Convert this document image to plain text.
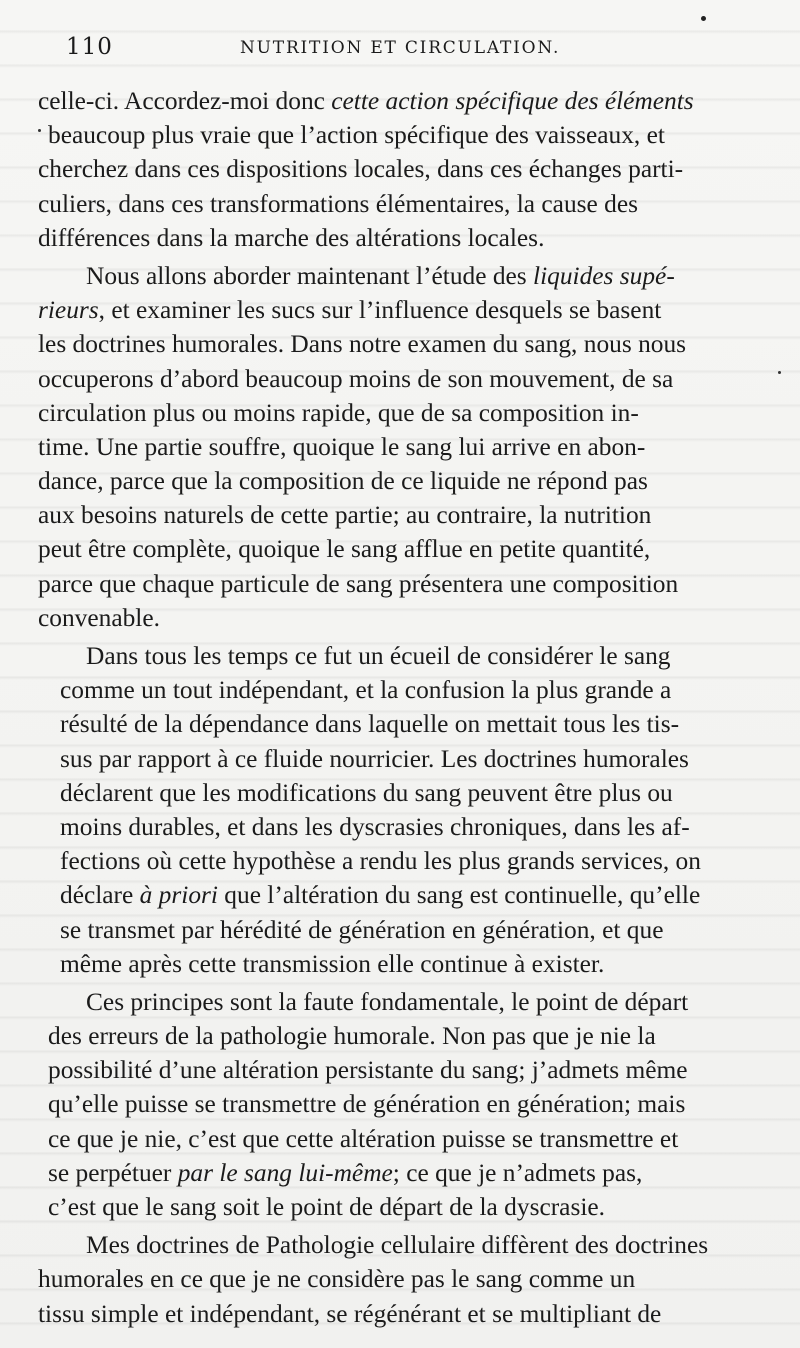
110	NUTRITION ET CIRCULATION.
celle-ci. Accordez-moi donc cette action spécifique des éléments
beaucoup plus vraie que l’action spécifique des vaisseaux, et
cherchez dans ces dispositions locales, dans ces échanges parti-
culiers, dans ces transformations élémentaires, la cause des
différences dans la marche des altérations locales.
Nous allons aborder maintenant l’étude des liquides supé-
rieurs, et examiner les sucs sur l’influence desquels se basent
les doctrines humorales. Dans notre examen du sang, nous nous
occuperons d’abord beaucoup moins de son mouvement, de sa
circulation plus ou moins rapide, que de sa composition in-
time. Une partie souffre, quoique le sang lui arrive en abon-
dance, parce que la composition de ce liquide ne répond pas
aux besoins naturels de cette partie; au contraire, la nutrition
peut être complète, quoique le sang afflue en petite quantité,
parce que chaque particule de sang présentera une composition
convenable.
Dans tous les temps ce fut un écueil de considérer le sang
comme un tout indépendant, et la confusion la plus grande a
résulté de la dépendance dans laquelle on mettait tous les tis-
sus par rapport à ce fluide nourricier. Les doctrines humorales
déclarent que les modifications du sang peuvent être plus ou
moins durables, et dans les dyscrasies chroniques, dans les af-
fections où cette hypothèse a rendu les plus grands services, on
déclare à priori que l’altération du sang est continuelle, qu’elle
se transmet par hérédité de génération en génération, et que
même après cette transmission elle continue à exister.
Ces principes sont la faute fondamentale, le point de départ
des erreurs de la pathologie humorale. Non pas que je nie la
possibilité d’une altération persistante du sang; j’admets même
qu’elle puisse se transmettre de génération en génération; mais
ce que je nie, c’est que cette altération puisse se transmettre et
se perpétuer par le sang lui-même; ce que je n’admets pas,
c’est que le sang soit le point de départ de la dyscrasie.
Mes doctrines de Pathologie cellulaire diffèrent des doctrines
humorales en ce que je ne considère pas le sang comme un
tissu simple et indépendant, se régénérant et se multipliant de
